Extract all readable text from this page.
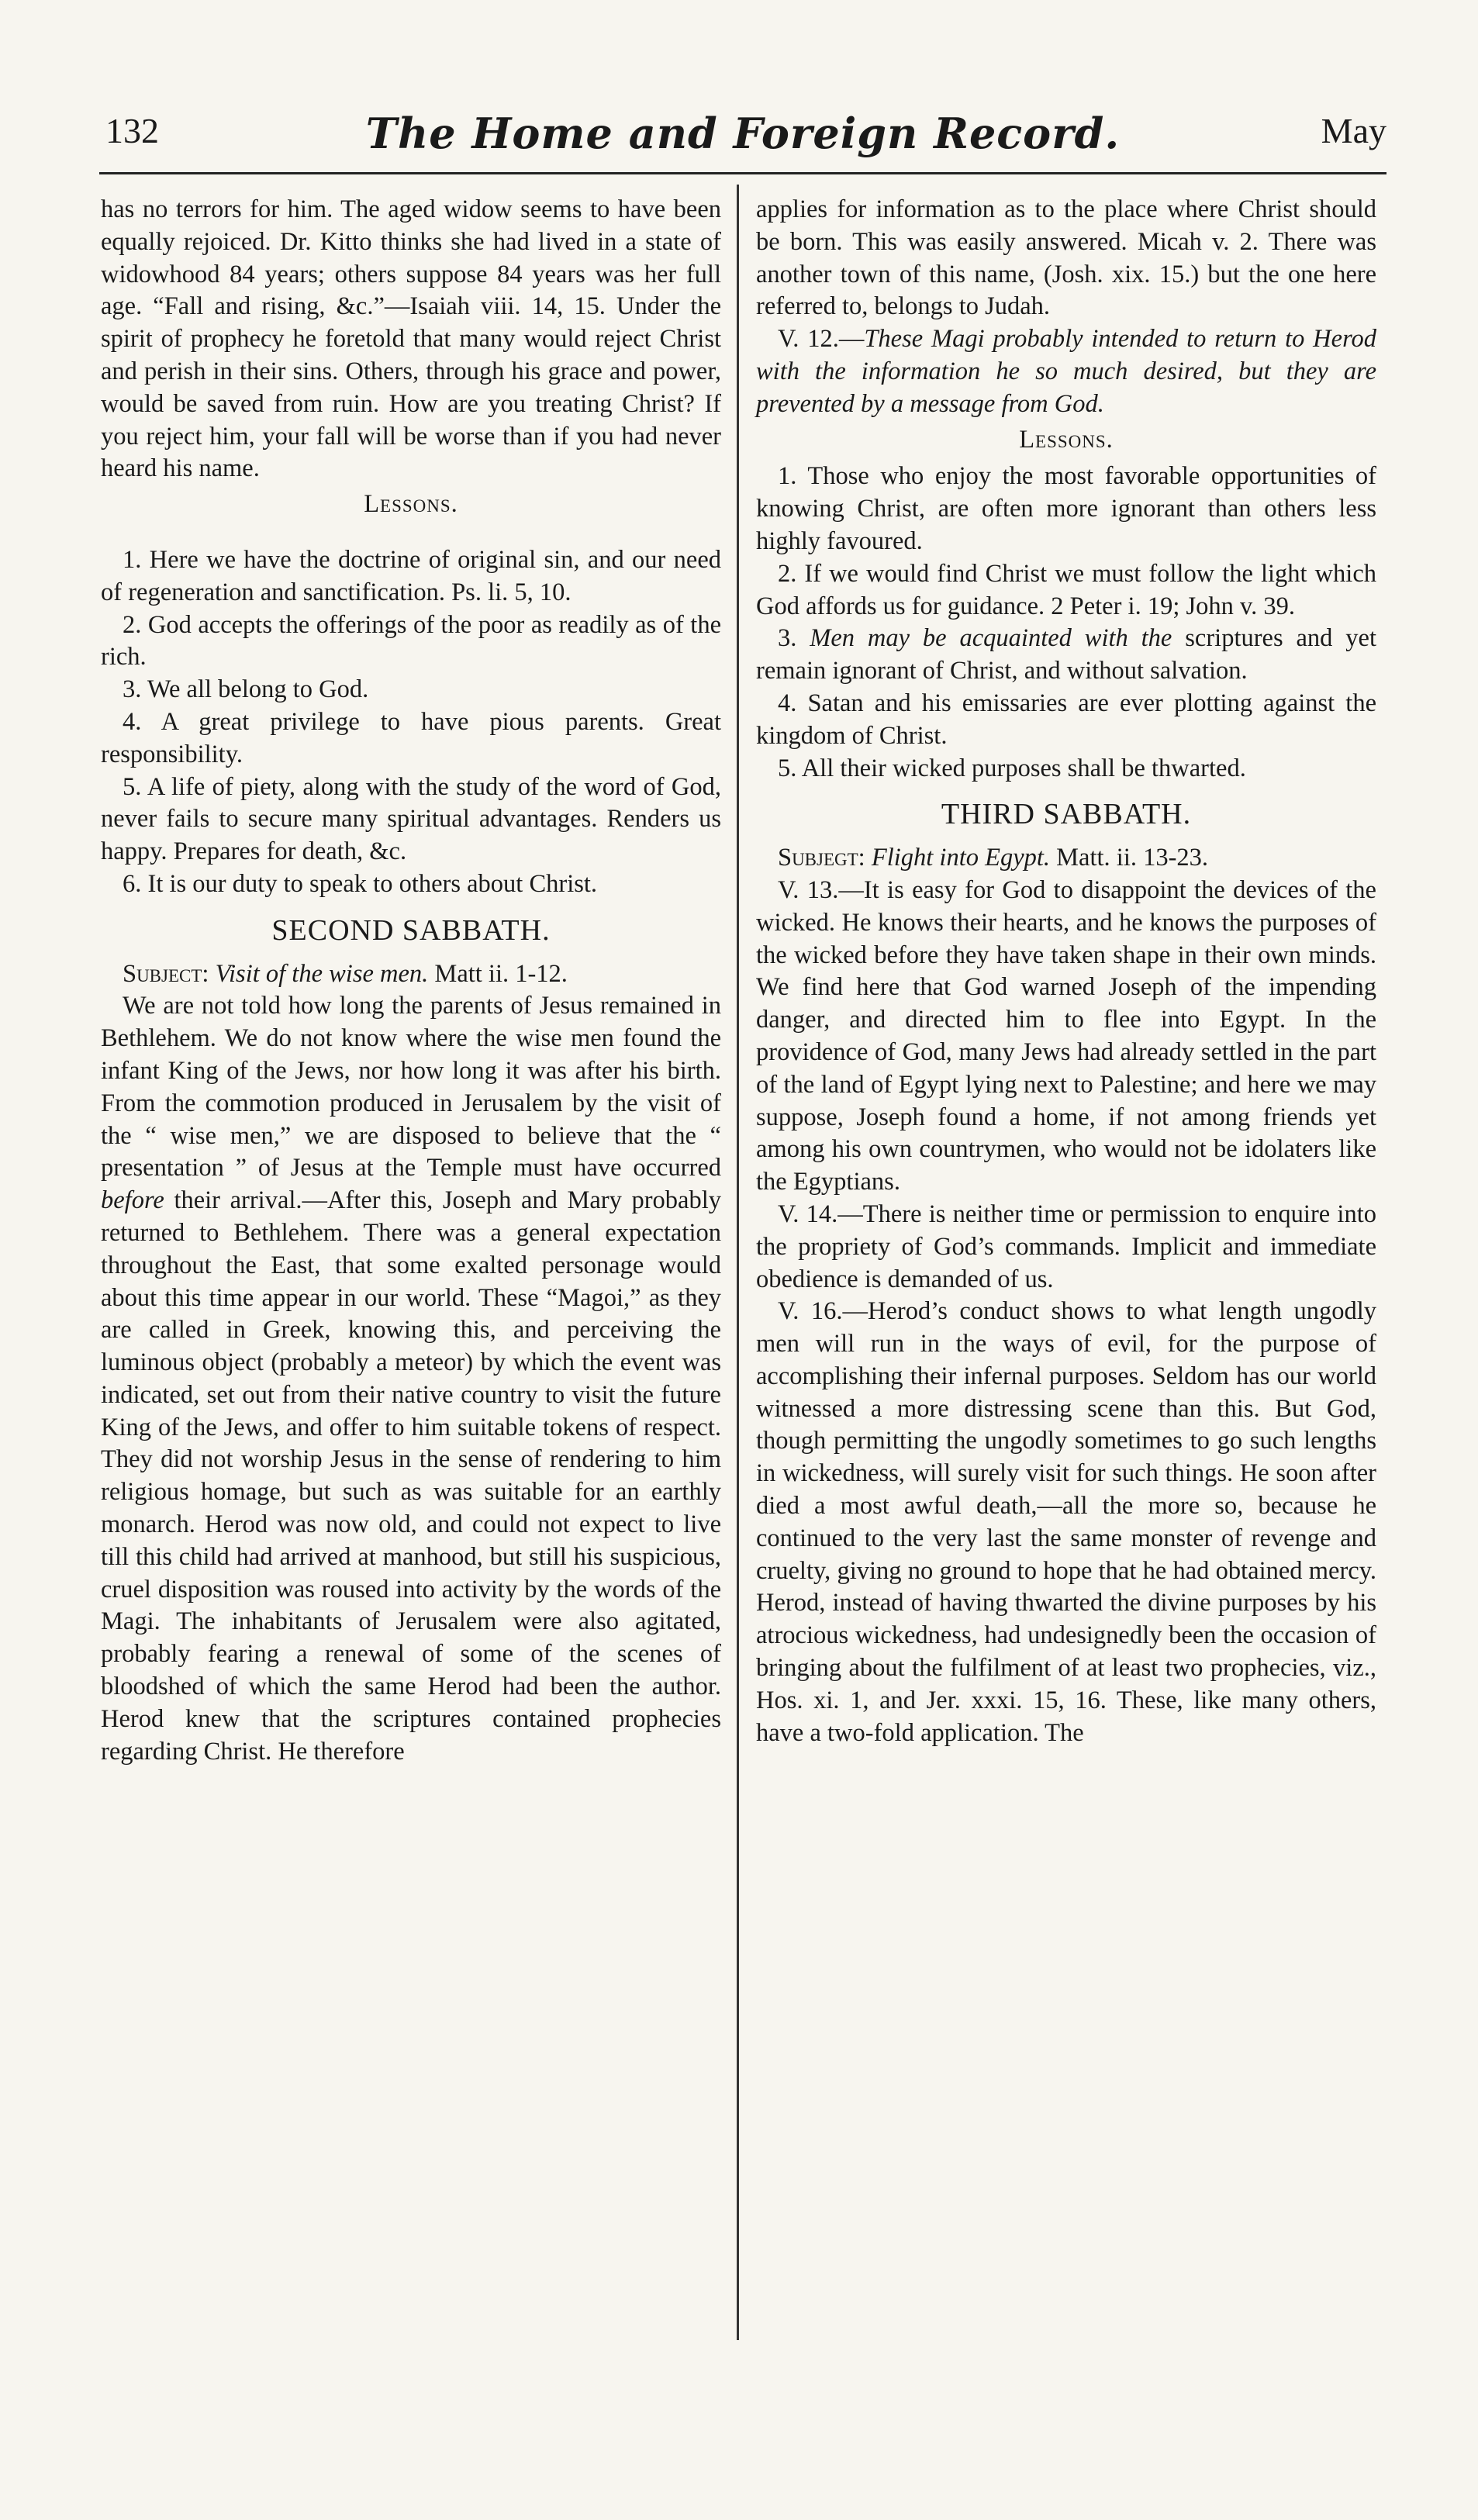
132	The Home and Foreign Record.	May

has no terrors for him. The aged widow seems to have been equally rejoiced. Dr. Kitto thinks she had lived in a state of widowhood 84 years; others suppose 84 years was her full age. “Fall and rising, &c.”—Isaiah viii. 14, 15. Under the spirit of prophecy he foretold that many would reject Christ and perish in their sins. Others, through his grace and power, would be saved from ruin. How are you treating Christ? If you reject him, your fall will be worse than if you had never heard his name.

Lessons.

1. Here we have the doctrine of original sin, and our need of regeneration and sanctification. Ps. li. 5, 10.

2. God accepts the offerings of the poor as readily as of the rich.

3. We all belong to God.

4. A great privilege to have pious parents. Great responsibility.

5. A life of piety, along with the study of the word of God, never fails to secure many spiritual advantages. Renders us happy. Prepares for death, &c.

6. It is our duty to speak to others about Christ.

SECOND SABBATH.

Subject: Visit of the wise men. Matt ii. 1-12.

We are not told how long the parents of Jesus remained in Bethlehem. We do not know where the wise men found the infant King of the Jews, nor how long it was after his birth. From the commotion produced in Jerusalem by the visit of the “ wise men,” we are disposed to believe that the “ presentation ” of Jesus at the Temple must have occurred before their arrival.—After this, Joseph and Mary probably returned to Bethlehem. There was a general expectation throughout the East, that some exalted personage would about this time appear in our world. These “Magoi,” as they are called in Greek, knowing this, and perceiving the luminous object (probably a meteor) by which the event was indicated, set out from their native country to visit the future King of the Jews, and offer to him suitable tokens of respect. They did not worship Jesus in the sense of rendering to him religious homage, but such as was suitable for an earthly monarch. Herod was now old, and could not expect to live till this child had arrived at manhood, but still his suspicious, cruel disposition was roused into activity by the words of the Magi. The inhabitants of Jerusalem were also agitated, probably fearing a renewal of some of the scenes of bloodshed of which the same Herod had been the author. Herod knew that the scriptures contained prophecies regarding Christ. He therefore

applies for information as to the place where Christ should be born. This was easily answered. Micah v. 2. There was another town of this name, (Josh. xix. 15.) but the one here referred to, belongs to Judah.

V. 12.—These Magi probably intended to return to Herod with the information he so much desired, but they are prevented by a message from God.

Lessons.

1. Those who enjoy the most favorable opportunities of knowing Christ, are often more ignorant than others less highly favoured.

2. If we would find Christ we must follow the light which God affords us for guidance. 2 Peter i. 19; John v. 39.

3. Men may be acquainted with the scriptures and yet remain ignorant of Christ, and without salvation.

4. Satan and his emissaries are ever plotting against the kingdom of Christ.

5. All their wicked purposes shall be thwarted.

THIRD SABBATH.

Subjegt: Flight into Egypt. Matt. ii. 13-23.

V. 13.—It is easy for God to disappoint the devices of the wicked. He knows their hearts, and he knows the purposes of the wicked before they have taken shape in their own minds. We find here that God warned Joseph of the impending danger, and directed him to flee into Egypt. In the providence of God, many Jews had already settled in the part of the land of Egypt lying next to Palestine; and here we may suppose, Joseph found a home, if not among friends yet among his own countrymen, who would not be idolaters like the Egyptians.

V. 14.—There is neither time or permission to enquire into the propriety of God’s commands. Implicit and immediate obedience is demanded of us.

V. 16.—Herod’s conduct shows to what length ungodly men will run in the ways of evil, for the purpose of accomplishing their infernal purposes. Seldom has our world witnessed a more distressing scene than this. But God, though permitting the ungodly sometimes to go such lengths in wickedness, will surely visit for such things. He soon after died a most awful death,—all the more so, because he continued to the very last the same monster of revenge and cruelty, giving no ground to hope that he had obtained mercy. Herod, instead of having thwarted the divine purposes by his atrocious wickedness, had undesignedly been the occasion of bringing about the fulfilment of at least two prophecies, viz., Hos. xi. 1, and Jer. xxxi. 15, 16. These, like many others, have a two-fold application. The
